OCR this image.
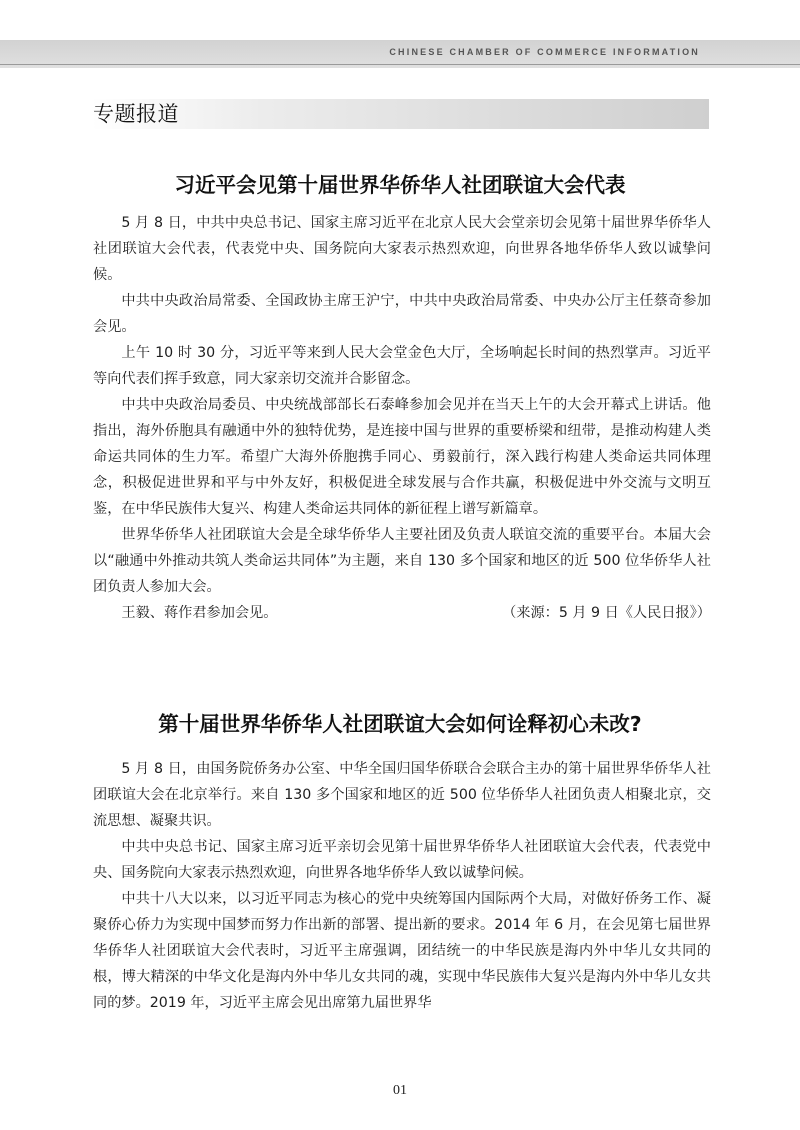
CHINESE CHAMBER OF COMMERCE INFORMATION
专题报道
习近平会见第十届世界华侨华人社团联谊大会代表

5 月 8 日，中共中央总书记、国家主席习近平在北京人民大会堂亲切会见第十届世界华侨华人社团联谊大会代表，代表党中央、国务院向大家表示热烈欢迎，向世界各地华侨华人致以诚挚问候。

中共中央政治局常委、全国政协主席王沪宁，中共中央政治局常委、中央办公厅主任蔡奇参加会见。

上午 10 时 30 分，习近平等来到人民大会堂金色大厅，全场响起长时间的热烈掌声。习近平等向代表们挥手致意，同大家亲切交流并合影留念。

中共中央政治局委员、中央统战部部长石泰峰参加会见并在当天上午的大会开幕式上讲话。他指出，海外侨胞具有融通中外的独特优势，是连接中国与世界的重要桥梁和纽带，是推动构建人类命运共同体的生力军。希望广大海外侨胞携手同心、勇毅前行，深入践行构建人类命运共同体理念，积极促进世界和平与中外友好，积极促进全球发展与合作共赢，积极促进中外交流与文明互鉴，在中华民族伟大复兴、构建人类命运共同体的新征程上谱写新篇章。

世界华侨华人社团联谊大会是全球华侨华人主要社团及负责人联谊交流的重要平台。本届大会以“融通中外推动共筑人类命运共同体”为主题，来自 130 多个国家和地区的近 500 位华侨华人社团负责人参加大会。

王毅、蒋作君参加会见。	（来源：5 月 9 日《人民日报》）

第十届世界华侨华人社团联谊大会如何诠释初心未改?

5 月 8 日，由国务院侨务办公室、中华全国归国华侨联合会联合主办的第十届世界华侨华人社团联谊大会在北京举行。来自 130 多个国家和地区的近 500 位华侨华人社团负责人相聚北京，交流思想、凝聚共识。

中共中央总书记、国家主席习近平亲切会见第十届世界华侨华人社团联谊大会代表，代表党中央、国务院向大家表示热烈欢迎，向世界各地华侨华人致以诚挚问候。

中共十八大以来，以习近平同志为核心的党中央统筹国内国际两个大局，对做好侨务工作、凝聚侨心侨力为实现中国梦而努力作出新的部署、提出新的要求。2014 年 6 月，在会见第七届世界华侨华人社团联谊大会代表时，习近平主席强调，团结统一的中华民族是海内外中华儿女共同的根，博大精深的中华文化是海内外中华儿女共同的魂，实现中华民族伟大复兴是海内外中华儿女共同的梦。2019 年，习近平主席会见出席第九届世界华

01
